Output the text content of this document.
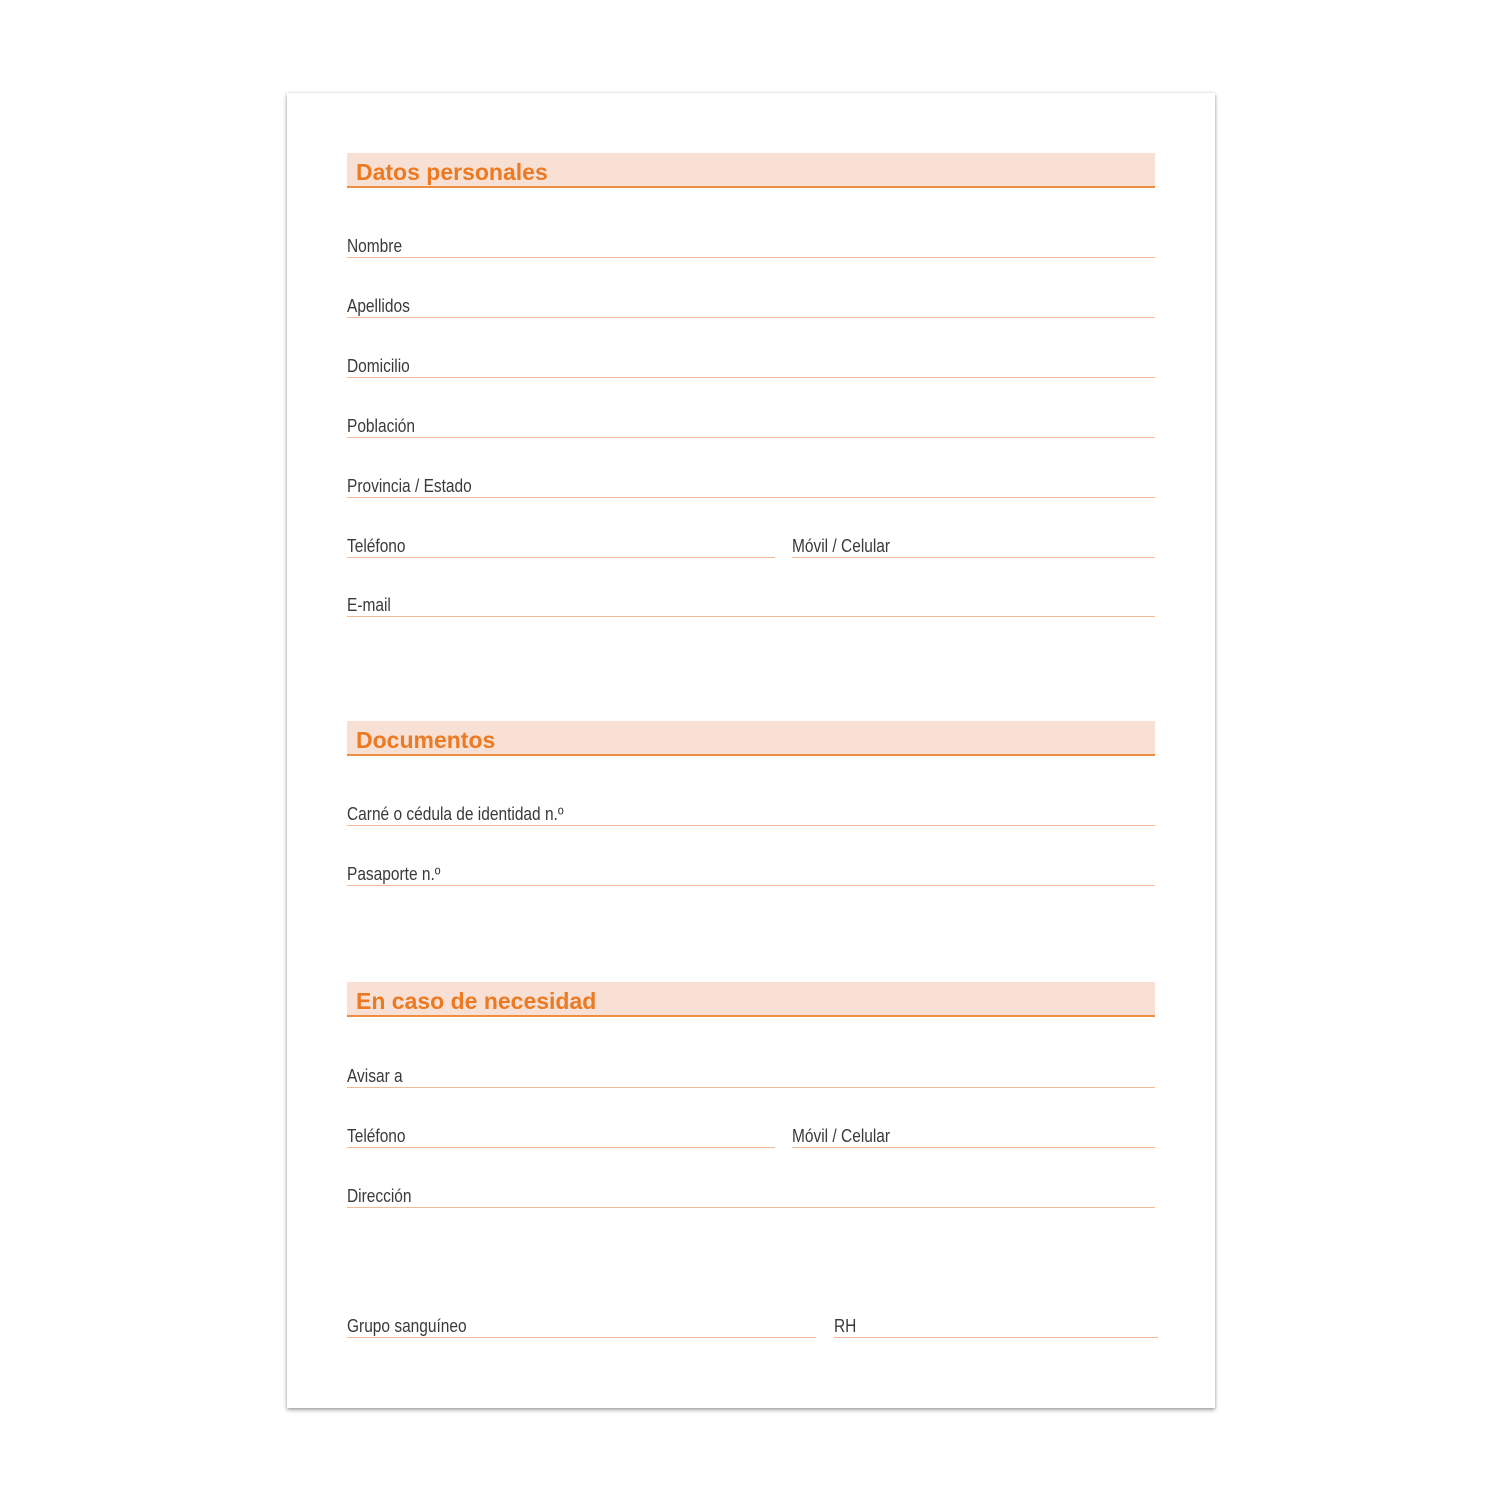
Datos personales
Nombre
Apellidos
Domicilio
Población
Provincia / Estado
Teléfono	Móvil / Celular
E-mail
Documentos
Carné o cédula de identidad n.º
Pasaporte n.º
En caso de necesidad
Avisar a
Teléfono	Móvil / Celular
Dirección
Grupo sanguíneo	RH
